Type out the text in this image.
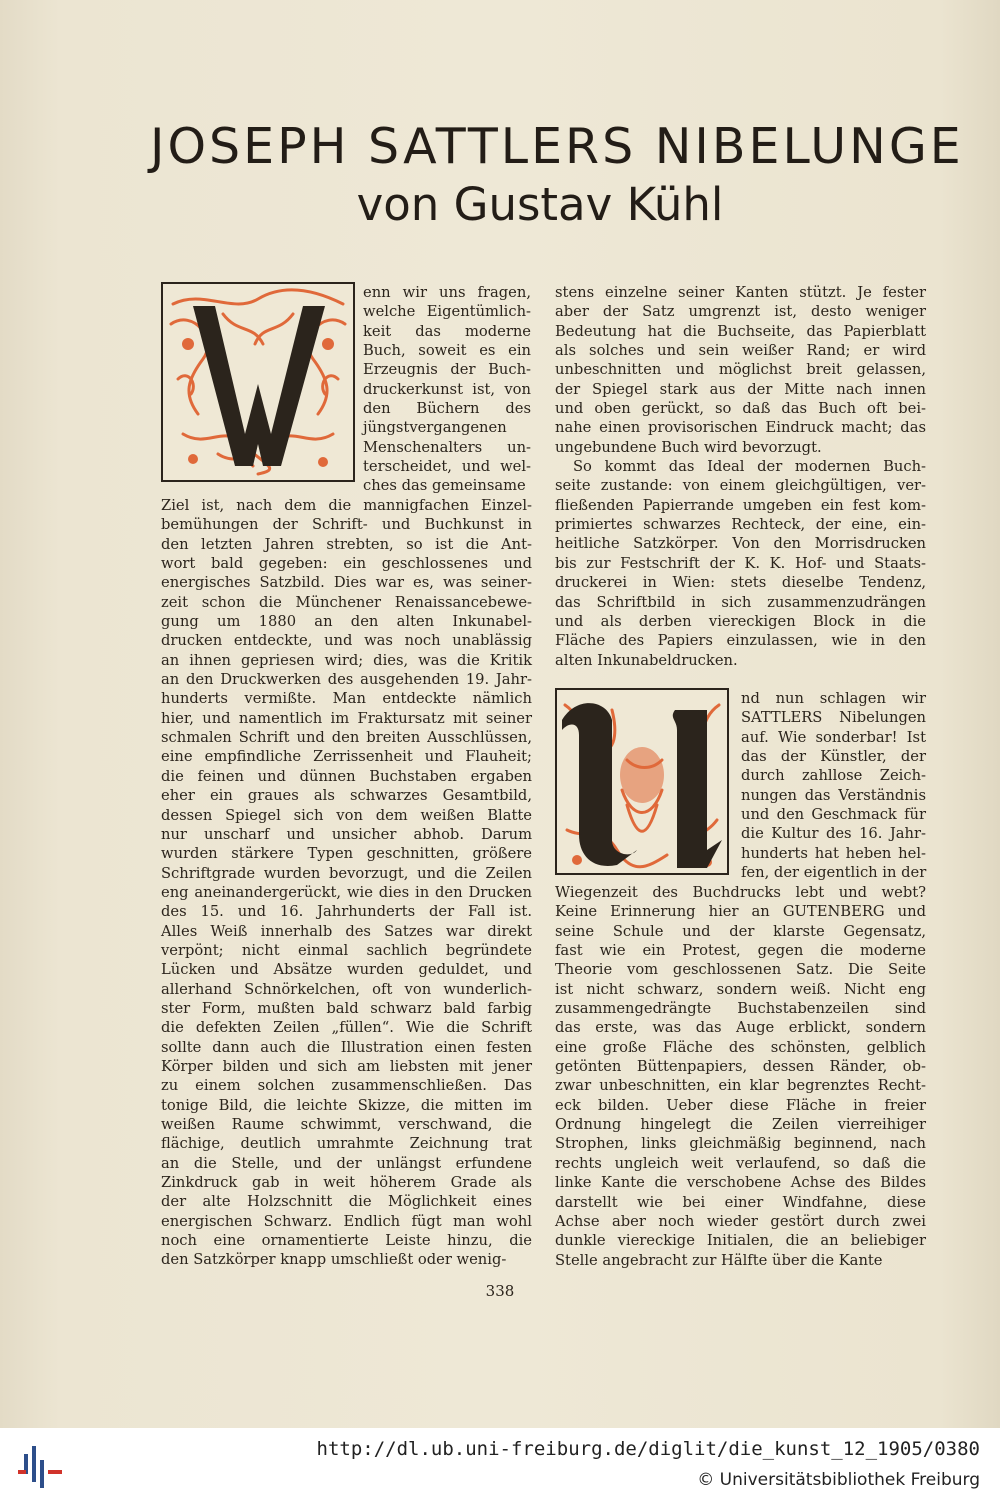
JOSEPH SATTLERS NIBELUNGE
von Gustav Kühl
enn wir uns fragen,
welche Eigentümlich-
keit das moderne
Buch, soweit es ein
Erzeugnis der Buch-
druckerkunst ist, von
den Büchern des
jüngstvergangenen
Menschenalters un-
terscheidet, und wel-
ches das gemeinsame
Ziel ist, nach dem die mannigfachen Einzel-
bemühungen der Schrift- und Buchkunst in
den letzten Jahren strebten, so ist die Ant-
wort bald gegeben: ein geschlossenes und
energisches Satzbild. Dies war es, was seiner-
zeit schon die Münchener Renaissancebewe-
gung um 1880 an den alten Inkunabel-
drucken entdeckte, und was noch unablässig
an ihnen gepriesen wird; dies, was die Kritik
an den Druckwerken des ausgehenden 19. Jahr-
hunderts vermißte. Man entdeckte nämlich
hier, und namentlich im Fraktursatz mit seiner
schmalen Schrift und den breiten Ausschlüssen,
eine empfindliche Zerrissenheit und Flauheit;
die feinen und dünnen Buchstaben ergaben
eher ein graues als schwarzes Gesamtbild,
dessen Spiegel sich von dem weißen Blatte
nur unscharf und unsicher abhob. Darum
wurden stärkere Typen geschnitten, größere
Schriftgrade wurden bevorzugt, und die Zeilen
eng aneinandergerückt, wie dies in den Drucken
des 15. und 16. Jahrhunderts der Fall ist.
Alles Weiß innerhalb des Satzes war direkt
verpönt; nicht einmal sachlich begründete
Lücken und Absätze wurden geduldet, und
allerhand Schnörkelchen, oft von wunderlich-
ster Form, mußten bald schwarz bald farbig
die defekten Zeilen „füllen“. Wie die Schrift
sollte dann auch die Illustration einen festen
Körper bilden und sich am liebsten mit jener
zu einem solchen zusammenschließen. Das
tonige Bild, die leichte Skizze, die mitten im
weißen Raume schwimmt, verschwand, die
flächige, deutlich umrahmte Zeichnung trat
an die Stelle, und der unlängst erfundene
Zinkdruck gab in weit höherem Grade als
der alte Holzschnitt die Möglichkeit eines
energischen Schwarz. Endlich fügt man wohl
noch eine ornamentierte Leiste hinzu, die
den Satzkörper knapp umschließt oder wenig-
stens einzelne seiner Kanten stützt. Je fester
aber der Satz umgrenzt ist, desto weniger
Bedeutung hat die Buchseite, das Papierblatt
als solches und sein weißer Rand; er wird
unbeschnitten und möglichst breit gelassen,
der Spiegel stark aus der Mitte nach innen
und oben gerückt, so daß das Buch oft bei-
nahe einen provisorischen Eindruck macht; das
ungebundene Buch wird bevorzugt.
So kommt das Ideal der modernen Buch-
seite zustande: von einem gleichgültigen, ver-
fließenden Papierrande umgeben ein fest kom-
primiertes schwarzes Rechteck, der eine, ein-
heitliche Satzkörper. Von den Morrisdrucken
bis zur Festschrift der K. K. Hof- und Staats-
druckerei in Wien: stets dieselbe Tendenz,
das Schriftbild in sich zusammenzudrängen
und als derben viereckigen Block in die
Fläche des Papiers einzulassen, wie in den
alten Inkunabeldrucken.
nd nun schlagen wir
SATTLERS Nibelungen
auf. Wie sonderbar! Ist
das der Künstler, der
durch zahllose Zeich-
nungen das Verständnis
und den Geschmack für
die Kultur des 16. Jahr-
hunderts hat heben hel-
fen, der eigentlich in der
Wiegenzeit des Buchdrucks lebt und webt?
Keine Erinnerung hier an GUTENBERG und
seine Schule und der klarste Gegensatz,
fast wie ein Protest, gegen die moderne
Theorie vom geschlossenen Satz. Die Seite
ist nicht schwarz, sondern weiß. Nicht eng
zusammengedrängte Buchstabenzeilen sind
das erste, was das Auge erblickt, sondern
eine große Fläche des schönsten, gelblich
getönten Büttenpapiers, dessen Ränder, ob-
zwar unbeschnitten, ein klar begrenztes Recht-
eck bilden. Ueber diese Fläche in freier
Ordnung hingelegt die Zeilen vierreihiger
Strophen, links gleichmäßig beginnend, nach
rechts ungleich weit verlaufend, so daß die
linke Kante die verschobene Achse des Bildes
darstellt wie bei einer Windfahne, diese
Achse aber noch wieder gestört durch zwei
dunkle viereckige Initialen, die an beliebiger
Stelle angebracht zur Hälfte über die Kante
338
http://dl.ub.uni-freiburg.de/diglit/die_kunst_12_1905/0380
© Universitätsbibliothek Freiburg
